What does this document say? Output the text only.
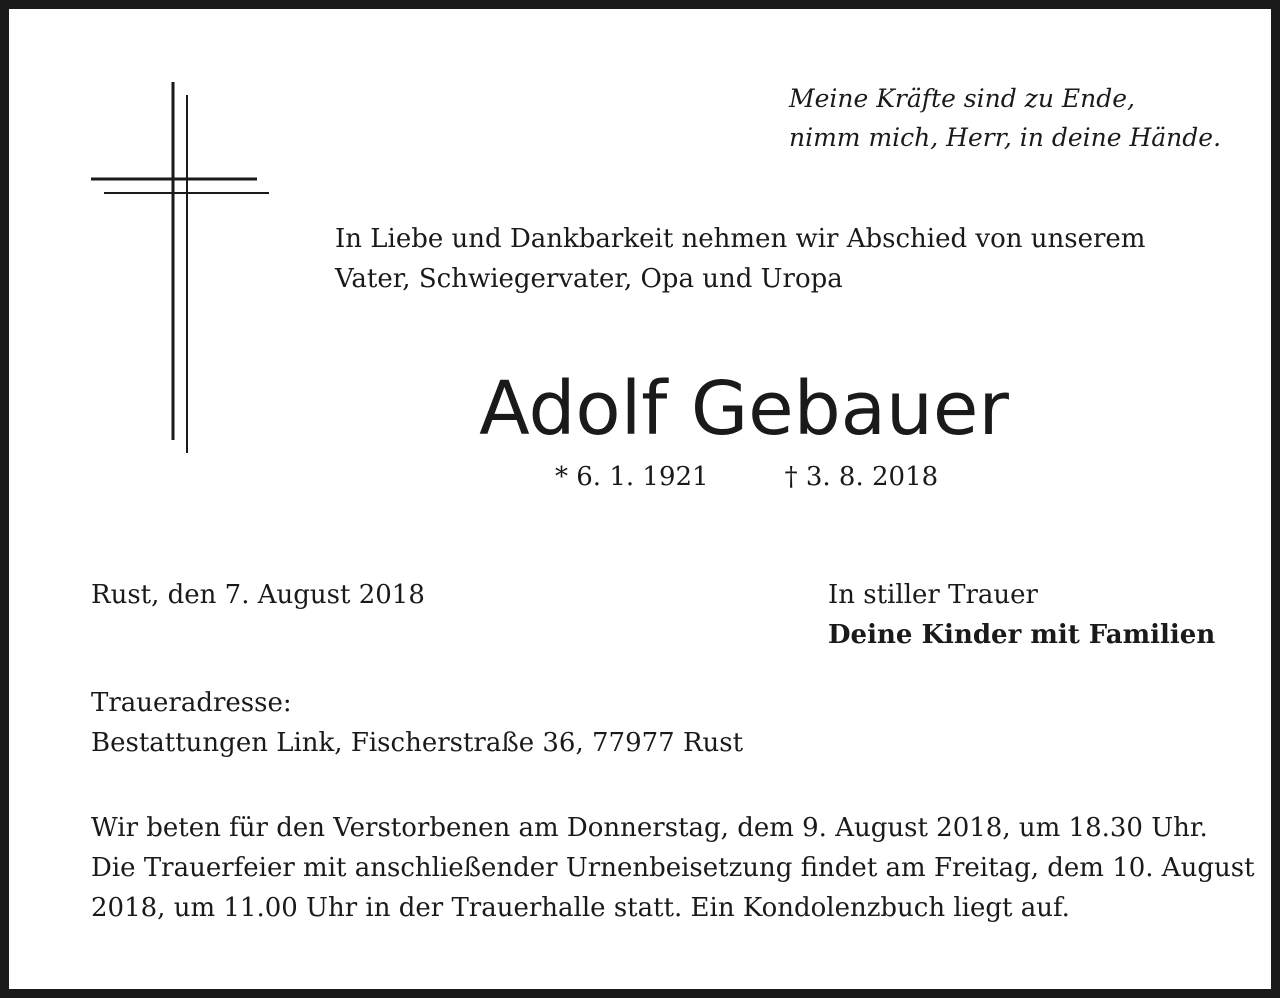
Meine Kräfte sind zu Ende,
nimm mich, Herr, in deine Hände.
In Liebe und Dankbarkeit nehmen wir Abschied von unserem
Vater, Schwiegervater, Opa und Uropa
Adolf Gebauer
* 6. 1. 1921	† 3. 8. 2018
Rust, den 7. August 2018	In stiller Trauer
Deine Kinder mit Familien
Traueradresse:
Bestattungen Link, Fischerstraße 36, 77977 Rust
Wir beten für den Verstorbenen am Donnerstag, dem 9. August 2018, um 18.30 Uhr.
Die Trauerfeier mit anschließender Urnenbeisetzung findet am Freitag, dem 10. August
2018, um 11.00 Uhr in der Trauerhalle statt. Ein Kondolenzbuch liegt auf.
